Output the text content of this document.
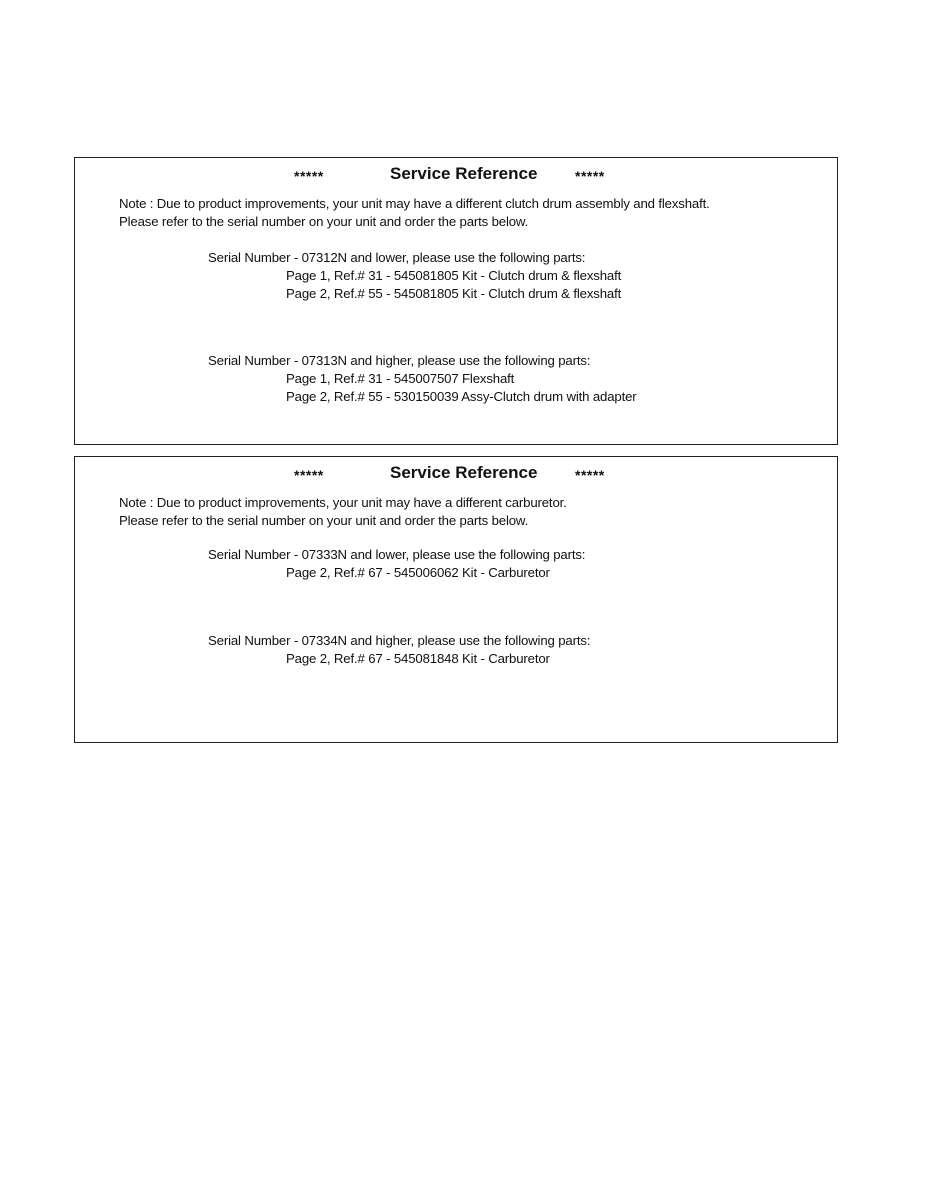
*****	Service Reference	*****
Note : Due to product improvements, your unit may have a different clutch drum assembly and flexshaft.
Please refer to the serial number on your unit and order the parts below.
Serial Number - 07312N and lower, please use the following parts:
Page 1, Ref.# 31 - 545081805 Kit - Clutch drum & flexshaft
Page 2, Ref.# 55 - 545081805 Kit - Clutch drum & flexshaft
Serial Number - 07313N and higher, please use the following parts:
Page 1, Ref.# 31 - 545007507 Flexshaft
Page 2, Ref.# 55 - 530150039 Assy-Clutch drum with adapter
*****	Service Reference	*****
Note : Due to product improvements, your unit may have a different carburetor.
Please refer to the serial number on your unit and order the parts below.
Serial Number - 07333N and lower, please use the following parts:
Page 2, Ref.# 67 - 545006062 Kit - Carburetor
Serial Number - 07334N and higher, please use the following parts:
Page 2, Ref.# 67 - 545081848 Kit - Carburetor
